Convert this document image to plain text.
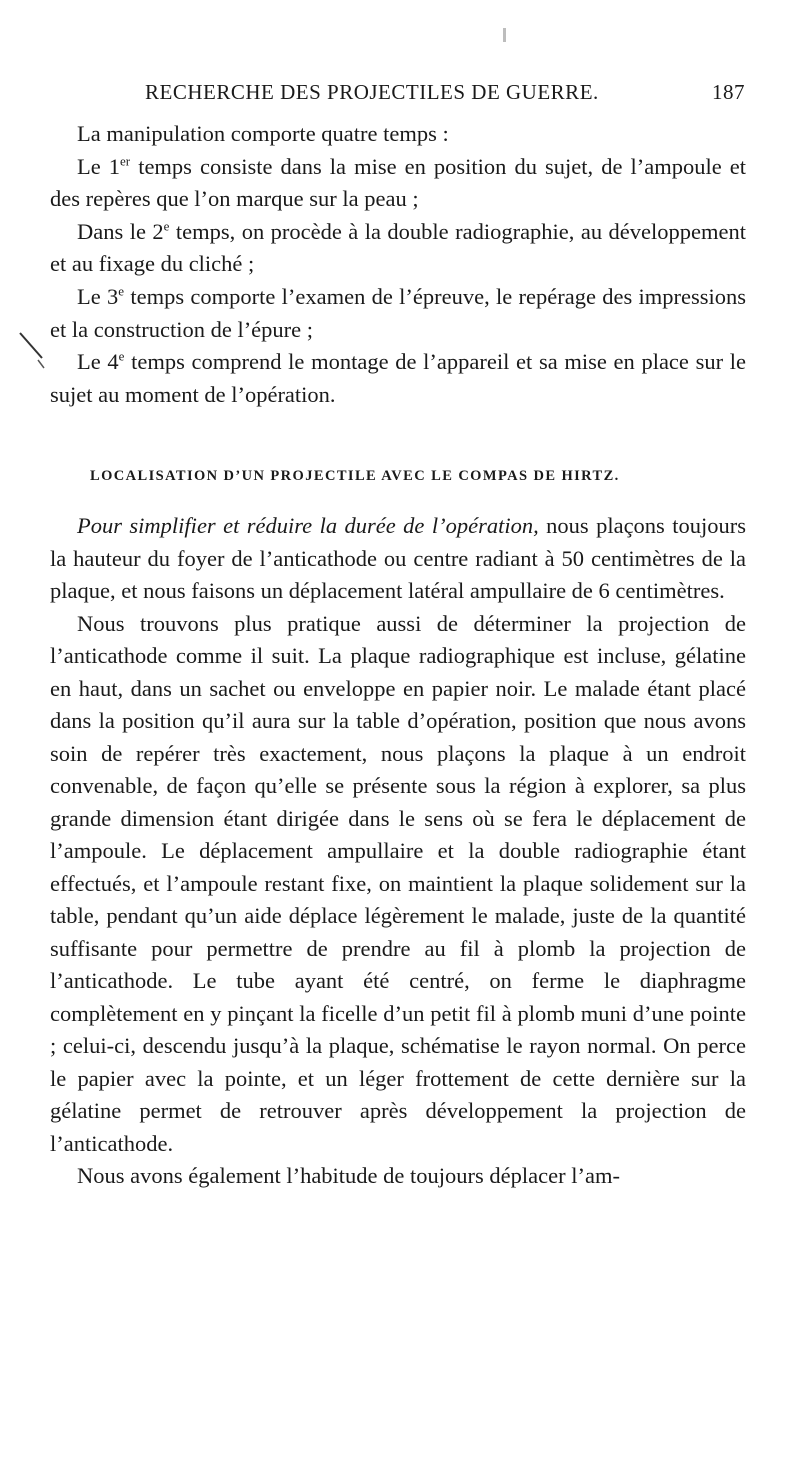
RECHERCHE DES PROJECTILES DE GUERRE.	187

La manipulation comporte quatre temps :

Le 1er temps consiste dans la mise en position du sujet, de l’ampoule et des repères que l’on marque sur la peau ;

Dans le 2e temps, on procède à la double radiographie, au développement et au fixage du cliché ;

Le 3e temps comporte l’examen de l’épreuve, le repérage des impressions et la construction de l’épure ;

Le 4e temps comprend le montage de l’appareil et sa mise en place sur le sujet au moment de l’opération.

LOCALISATION D’UN PROJECTILE AVEC LE COMPAS DE HIRTZ.

Pour simplifier et réduire la durée de l’opération, nous plaçons toujours la hauteur du foyer de l’anticathode ou centre radiant à 50 centimètres de la plaque, et nous faisons un déplacement latéral ampullaire de 6 centimètres.

Nous trouvons plus pratique aussi de déterminer la projection de l’anticathode comme il suit. La plaque radiographique est incluse, gélatine en haut, dans un sachet ou enveloppe en papier noir. Le malade étant placé dans la position qu’il aura sur la table d’opération, position que nous avons soin de repérer très exactement, nous plaçons la plaque à un endroit convenable, de façon qu’elle se présente sous la région à explorer, sa plus grande dimension étant dirigée dans le sens où se fera le déplacement de l’ampoule. Le déplacement ampullaire et la double radiographie étant effectués, et l’ampoule restant fixe, on maintient la plaque solidement sur la table, pendant qu’un aide déplace légèrement le malade, juste de la quantité suffisante pour permettre de prendre au fil à plomb la projection de l’anticathode. Le tube ayant été centré, on ferme le diaphragme complètement en y pinçant la ficelle d’un petit fil à plomb muni d’une pointe ; celui-ci, descendu jusqu’à la plaque, schématise le rayon normal. On perce le papier avec la pointe, et un léger frottement de cette dernière sur la gélatine permet de retrouver après développement la projection de l’anticathode.

Nous avons également l’habitude de toujours déplacer l’am-
